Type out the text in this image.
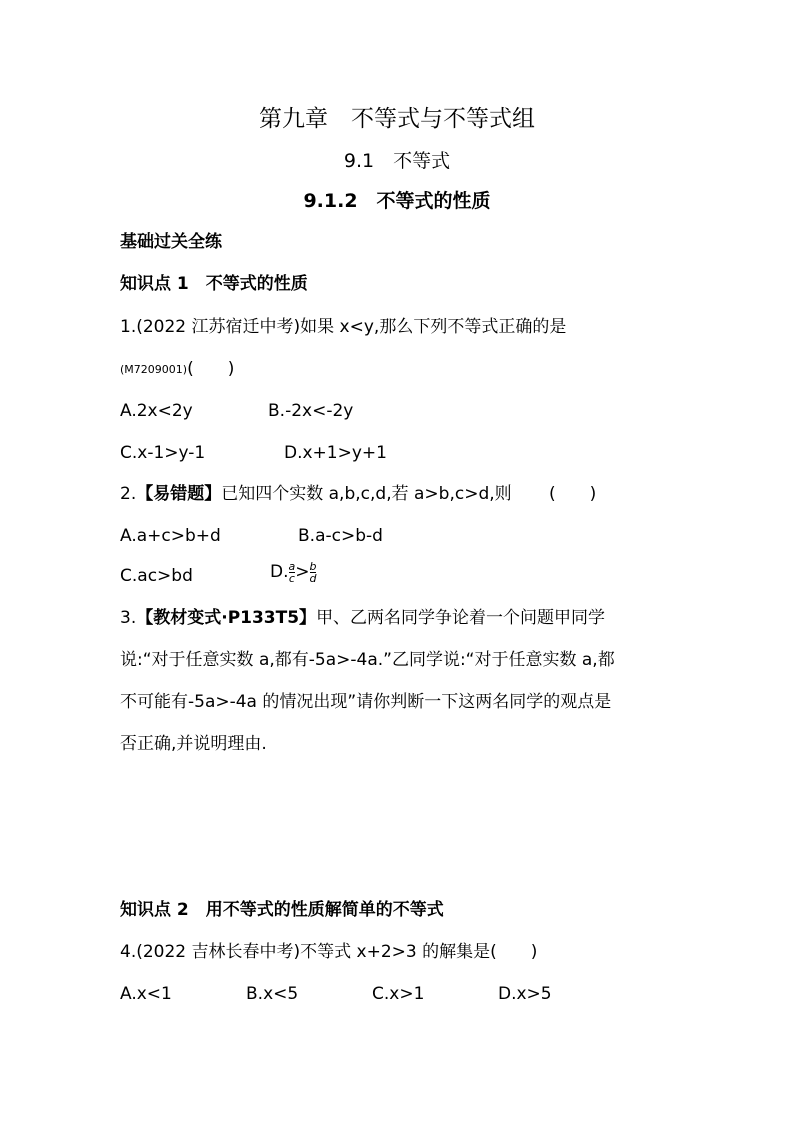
第九章　不等式与不等式组
9.1　不等式
9.1.2　不等式的性质
基础过关全练
知识点 1　不等式的性质
1.(2022 江苏宿迁中考)如果 x<y,那么下列不等式正确的是
(M7209001)(　　)
A.2x<2y	B.-2x<-2y
C.x-1>y-1	D.x+1>y+1
2.【易错题】已知四个实数 a,b,c,d,若 a>b,c>d,则 (　　)
A.a+c>b+d	B.a-c>b-d
C.ac>bd	D. $\frac{a}{c} > \frac{b}{d}$
3.【教材变式·P133T5】甲、乙两名同学争论着一个问题甲同学
说:“对于任意实数 a,都有-5a>-4a.”乙同学说:“对于任意实数 a,都
不可能有-5a>-4a 的情况出现”请你判断一下这两名同学的观点是
否正确,并说明理由.
知识点 2　用不等式的性质解简单的不等式
4.(2022 吉林长春中考)不等式 x+2>3 的解集是(　　)
A.x<1	B.x<5	C.x>1	D.x>5
